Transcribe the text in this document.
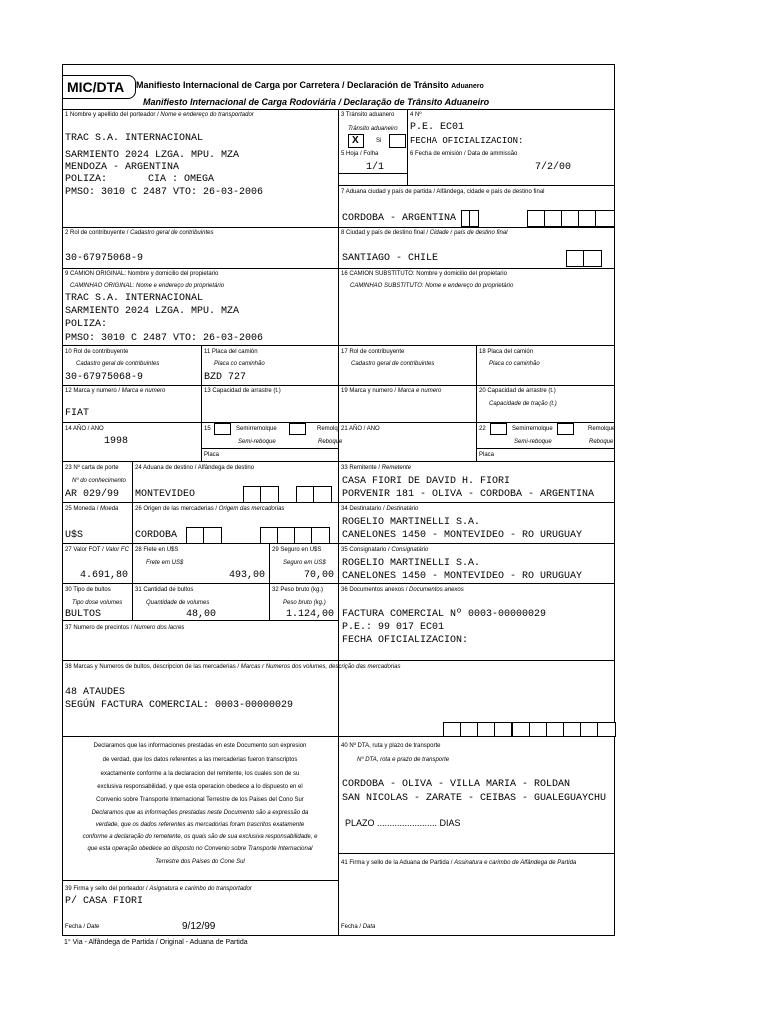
MIC/DTA Manifiesto Internacional de Carga por Carretera / Declaración de Tránsito Aduanero
Manifiesto Internacional de Carga Rodoviária / Declaração de Trânsito Aduaneiro
1 Nombre y apellido del porteador / Nome e endereço do transportador
TRAC S.A. INTERNACIONAL
SARMIENTO 2024 LZGA. MPU. MZA
MENDOZA - ARGENTINA
POLIZA:	CIA : OMEGA
PMSO: 3010 C 2487 VTO: 26-03-2006
3 Tránsito aduanero
Trânsito aduaneiro
X	Si
4 Nº
P.E. EC01
FECHA OFICIALIZACION:
5 Hoja / Folha
1/1
6 Fecha de emisión / Data de ammissão
7/2/00
7 Aduana ciudad y país de partida / Alfândega, cidade e país de destino final
CORDOBA - ARGENTINA
2 Rol de contribuyente / Cadastro geral de contribuintes
30-67975068-9
8 Ciudad y país de destino final / Cidade r país de destino final
SANTIAGO - CHILE
9 CAMION ORIGINAL: Nombre y domicilio del propietario
CAMINHAO ORIGINAL: Nome e endereço do proprietário
TRAC S.A. INTERNACIONAL
SARMIENTO 2024 LZGA. MPU. MZA
POLIZA:
PMSO: 3010 C 2487 VTO: 26-03-2006
16 CAMION SUBSTITUTO: Nombre y domicilio del propietario
CAMINHAO SUBSTITUTO: Nome e endereço do proprietário
10 Rol de contribuyente
Cadastro geral de contribuintes
30-67975068-9
11 Placa del camión
Placa co caminhão
BZD 727
17 Rol de contribuyente
Cadastro geral de contribuintes
18 Placa del camión
Placa co caminhão
12 Marca y numero / Marca e numero
FIAT
13 Capacidad de arrastre (t.)	19 Marca y numero / Marca e numero	20 Capacidad de arrastre (t.)
Capacidade de tração (t.)
14 AÑO / ANO
1998
15	Semirremolque	Remolq
Semi-reboque	Reboque
Placa
21 AÑO / ANO	22	Semirremolque	Remolque
Semi-reboque	Reboque
Placa
23 Nº carta de porte
Nº do conhecimento
AR 029/99
24 Aduana de destino / Alfândega de destino
MONTEVIDEO
33 Remitente / Remetente
CASA FIORI DE DAVID H. FIORI
PORVENIR 181 - OLIVA - CORDOBA - ARGENTINA
25 Moneda / Moeda
U$S
26 Origen de las mercaderias / Origem das mercadorias
CORDOBA
34 Destinatario / Destinatário
ROGELIO MARTINELLI S.A.
CANELONES 1450 - MONTEVIDEO - RO URUGUAY
27 Valor FOT / Valor FC
4.691,80
28 Flete en U$S
Frete em US$
493,00
29 Seguro en U$S
Seguro em US$
70,00
35 Consignatario / Consignatário
ROGELIO MARTINELLI S.A.
CANELONES 1450 - MONTEVIDEO - RO URUGUAY
30 Tipo de bultos
Tipo dose volumes
BULTOS
31 Cantidad de bultos
Quantidade de volumes
48,00
32 Peso bruto (kg.)
Peso bruto (kg.)
1.124,00
36 Documentos anexos / Documentos anexos
FACTURA COMERCIAL Nº 0003-00000029
P.E.: 99 017 EC01
FECHA OFICIALIZACION:
37 Numero de precintos / Numero dos lacres
38 Marcas y Numeros de bultos, descripcion de las mercaderias / Marcas r Numeros dos volumes, descrição das mercadorias
48 ATAUDES
SEGÚN FACTURA COMERCIAL: 0003-00000029
Declaramos que las informaciones prestadas en este Documento son expresion
de verdad, que los datos referentes a las mercaderias fueron transcriptos
exactamente conforme a la declaracion del remitente, los cuales son de su
exclusiva responsabilidad, y que esta operacion obedece a lo dispuesto en el
Convenio sobre Transporte Internacional Terrestre de los Paises del Cono Sur
Declaramos que as informações prestadas neste Documento são a expressão da
verdade, que os dados referentes as mercadorias foram trascritos exatamente
conforme a declaração do remetente, os quais são de sua exclusiva responsabilidade, e
que esta operação obedece ao disposto no Convenio sobre Transporte Internacional
Terrestre dos Paises do Cone Sul
40 Nº DTA, ruta y plazo de transporte
Nº DTA, rota e prazo de transporte
CORDOBA - OLIVA - VILLA MARIA - ROLDAN
SAN NICOLAS - ZARATE - CEIBAS - GUALEGUAYCHU
PLAZO ........................ DIAS
41 Firma y sello de la Aduana de Partida / Assinatura e carimbo de Alfândega de Partida
39 Firma y sello del porteador / Asignatura e carimbo do transportador
P/ CASA FIORI
Fecha / Date	9/12/99	Fecha / Data
1° Via - Alfândega de Partida / Original - Aduana de Partida
